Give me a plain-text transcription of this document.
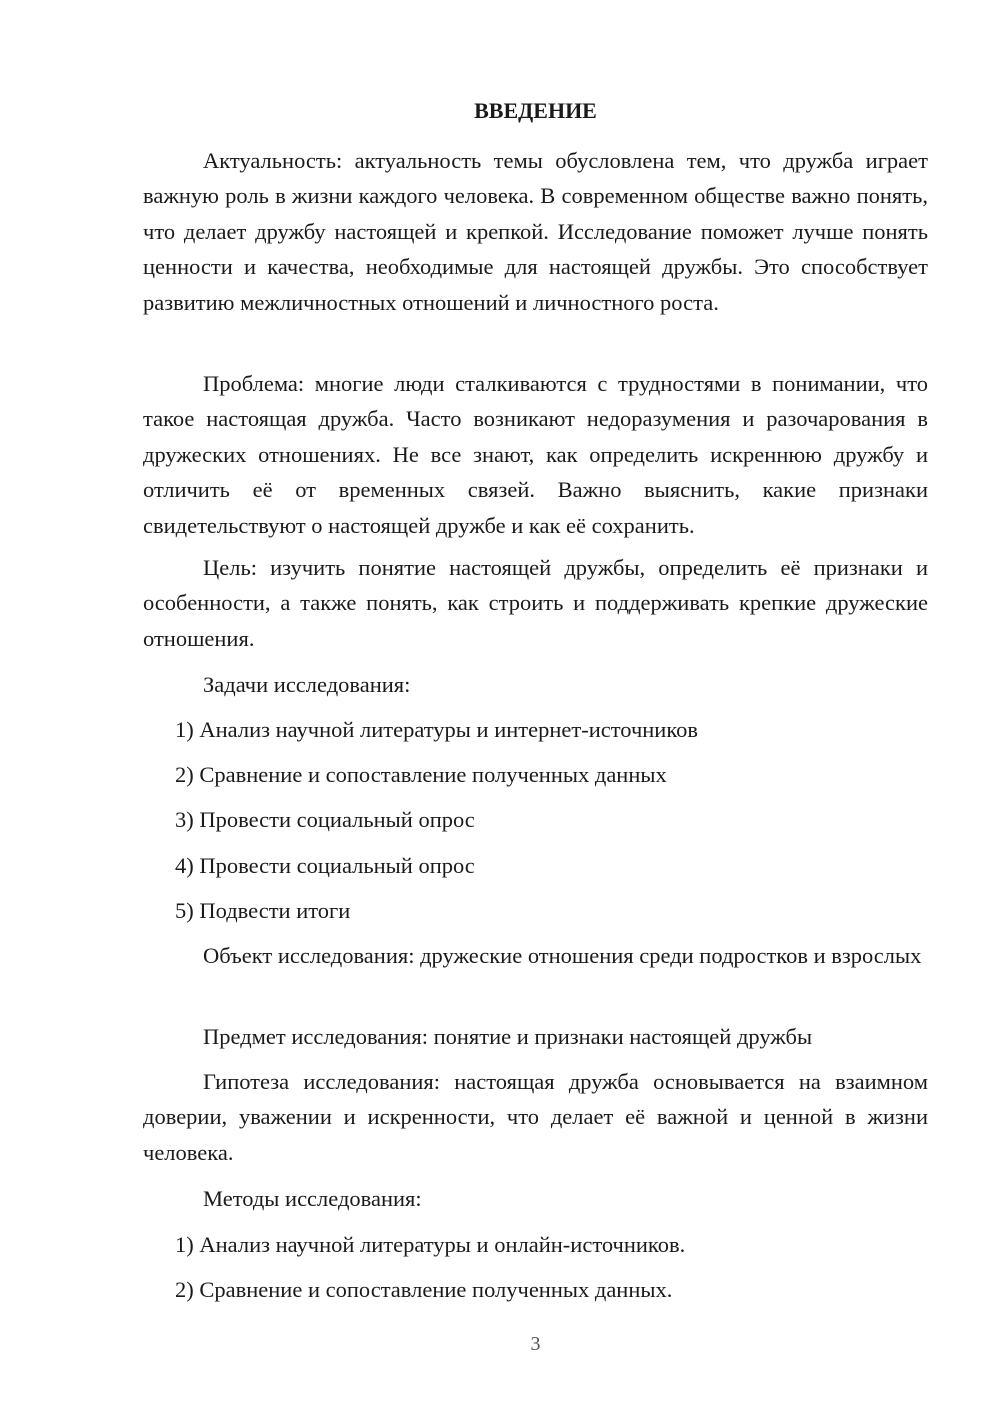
ВВЕДЕНИЕ

Актуальность: актуальность темы обусловлена тем, что дружба играет важную роль в жизни каждого человека. В современном обществе важно понять, что делает дружбу настоящей и крепкой. Исследование поможет лучше понять ценности и качества, необходимые для настоящей дружбы. Это способствует развитию межличностных отношений и личностного роста.

Проблема: многие люди сталкиваются с трудностями в понимании, что такое настоящая дружба. Часто возникают недоразумения и разочарования в дружеских отношениях. Не все знают, как определить искреннюю дружбу и отличить её от временных связей. Важно выяснить, какие признаки свидетельствуют о настоящей дружбе и как её сохранить.

Цель: изучить понятие настоящей дружбы, определить её признаки и особенности, а также понять, как строить и поддерживать крепкие дружеские отношения.

Задачи исследования:

1) Анализ научной литературы и интернет-источников

2) Сравнение и сопоставление полученных данных

3) Провести социальный опрос

4) Провести социальный опрос

5) Подвести итоги

Объект исследования: дружеские отношения среди подростков и взрослых

Предмет исследования: понятие и признаки настоящей дружбы

Гипотеза исследования: настоящая дружба основывается на взаимном доверии, уважении и искренности, что делает её важной и ценной в жизни человека.

Методы исследования:

1) Анализ научной литературы и онлайн-источников.

2) Сравнение и сопоставление полученных данных.

3
